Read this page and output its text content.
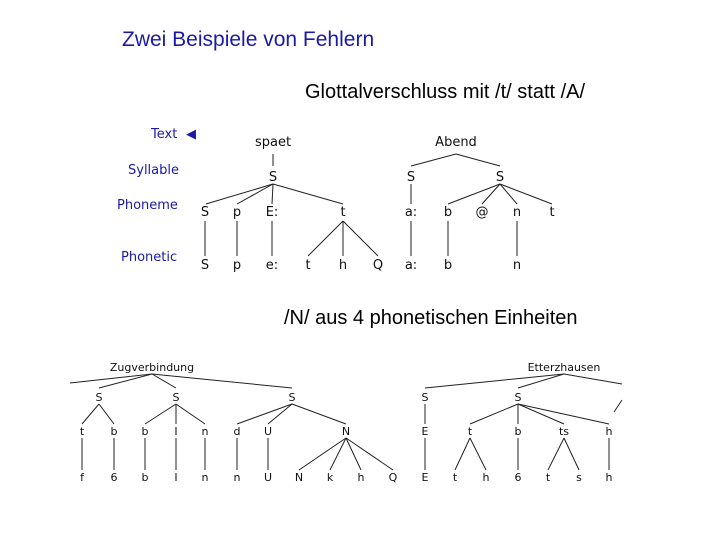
Zwei Beispiele von Fehlern
Glottalverschluss mit /t/ statt /A/
/N/ aus 4 phonetischen Einheiten
Text ◀
Syllable
Phoneme
Phonetic
spaet	Abend
S	S	S
S p E:	t	a: b @ n t
S p e: t h Q a: b	n
Zugverbindung	Etterzhausen
S	S	S	S	S
t b b I n d U	N	E	t	b	ts	h
f 6 b I n n U N k h Q E t h 6 t s h
